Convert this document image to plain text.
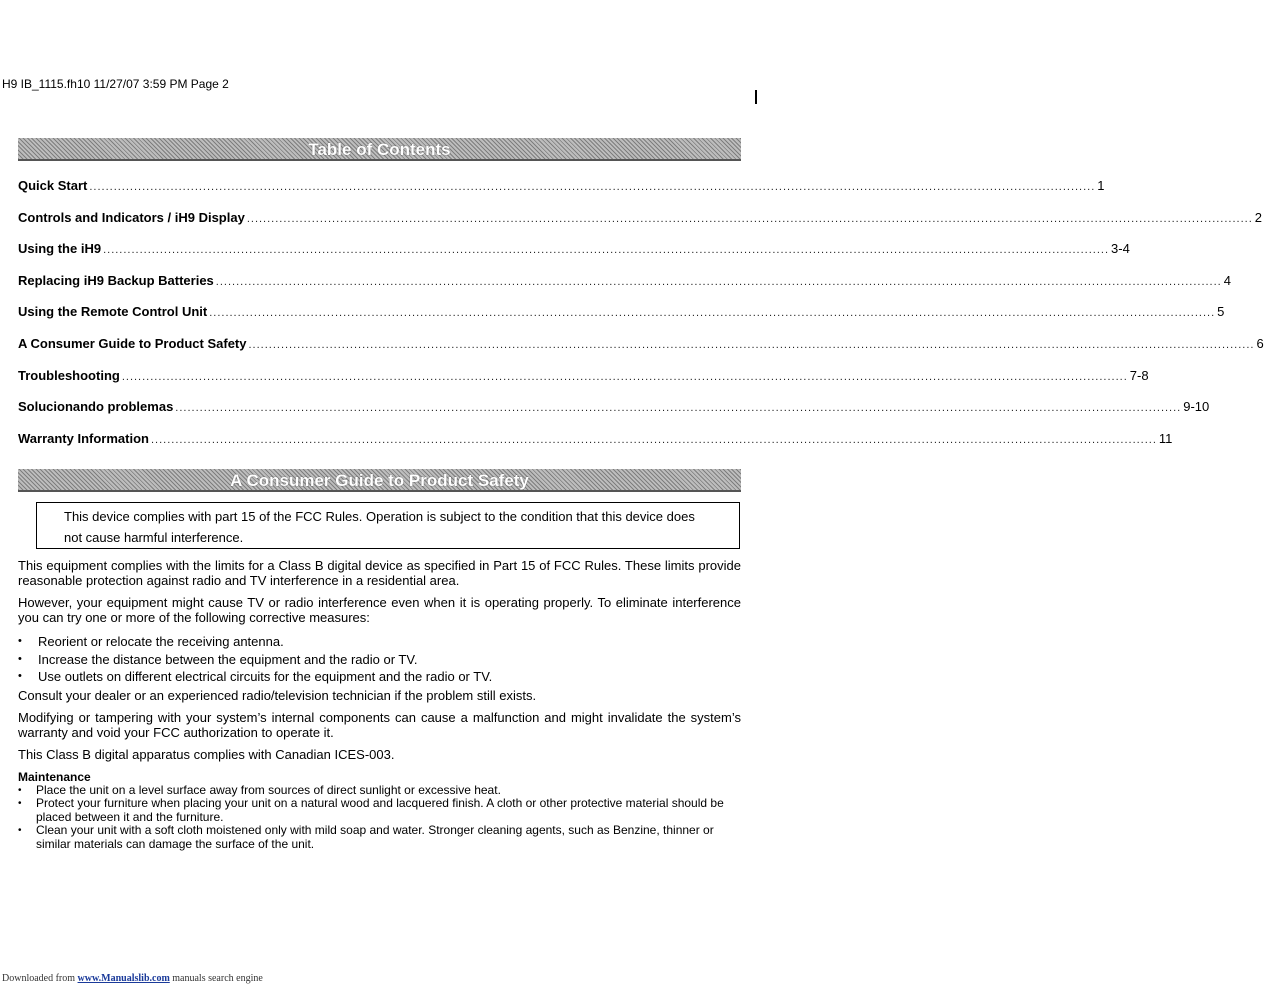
H9 IB_1115.fh10 11/27/07 3:59 PM Page 2
Table of Contents
Quick Start ........................................................................................................................................................................................................................................................ 1
Controls and Indicators / iH9 Display ........................................................................................................................................................................................................................................................ 2
Using the iH9 ........................................................................................................................................................................................................................................................ 3-4
Replacing iH9 Backup Batteries ........................................................................................................................................................................................................................................................ 4
Using the Remote Control Unit ........................................................................................................................................................................................................................................................ 5
A Consumer Guide to Product Safety ........................................................................................................................................................................................................................................................ 6
Troubleshooting ........................................................................................................................................................................................................................................................ 7-8
Solucionando problemas ........................................................................................................................................................................................................................................................ 9-10
Warranty Information ........................................................................................................................................................................................................................................................ 11
A Consumer Guide to Product Safety
This device complies with part 15 of the FCC Rules. Operation is subject to the condition that this device does not cause harmful interference.

This equipment complies with the limits for a Class B digital device as specified in Part 15 of FCC Rules. These limits provide reasonable protection against radio and TV interference in a residential area.

However, your equipment might cause TV or radio interference even when it is operating properly. To eliminate interference you can try one or more of the following corrective measures:

• Reorient or relocate the receiving antenna.
• Increase the distance between the equipment and the radio or TV.
• Use outlets on different electrical circuits for the equipment and the radio or TV.

Consult your dealer or an experienced radio/television technician if the problem still exists.

Modifying or tampering with your system’s internal components can cause a malfunction and might invalidate the system’s warranty and void your FCC authorization to operate it.

This Class B digital apparatus complies with Canadian ICES-003.

Maintenance
• Place the unit on a level surface away from sources of direct sunlight or excessive heat.
• Protect your furniture when placing your unit on a natural wood and lacquered finish. A cloth or other protective material should be placed between it and the furniture.
• Clean your unit with a soft cloth moistened only with mild soap and water. Stronger cleaning agents, such as Benzine, thinner or similar materials can damage the surface of the unit.
Downloaded from www.Manualslib.com manuals search engine
